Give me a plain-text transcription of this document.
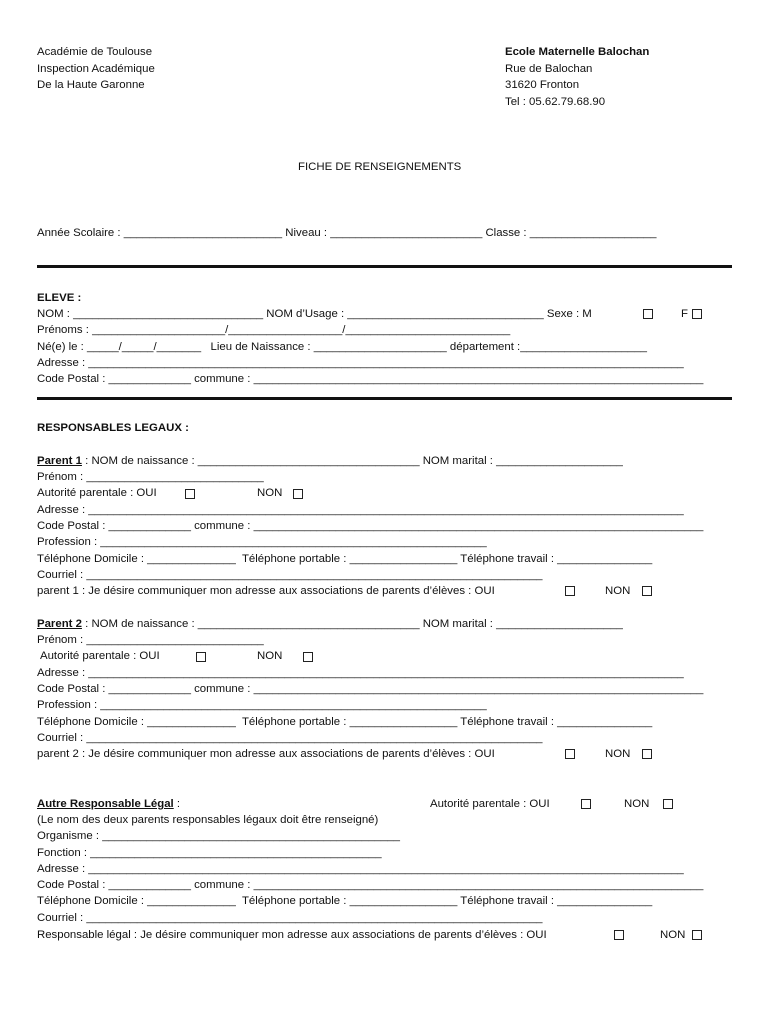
Académie de Toulouse
Inspection Académique
De la Haute Garonne
Ecole Maternelle Balochan
Rue de Balochan
31620 Fronton
Tel : 05.62.79.68.90
FICHE DE RENSEIGNEMENTS
Année Scolaire : _________________________ Niveau : ________________________ Classe : ____________________
ELEVE :
NOM : ______________________________ NOM d’Usage : _______________________________ Sexe : M	F
Prénoms : _____________________/__________________/__________________________
Né(e) le : _____/_____/_______   Lieu de Naissance : _____________________ département :____________________
Adresse : ______________________________________________________________________________________________
Code Postal : _____________ commune : _______________________________________________________________________
RESPONSABLES LEGAUX :
Parent 1 : NOM de naissance : ___________________________________ NOM marital : ____________________
Prénom : ____________________________
Autorité parentale : OUI	NON
Adresse : ______________________________________________________________________________________________
Code Postal : _____________ commune : _______________________________________________________________________
Profession : _____________________________________________________________
Téléphone Domicile : ______________  Téléphone portable : _________________ Téléphone travail : _______________
Courriel : ________________________________________________________________________
parent 1 : Je désire communiquer mon adresse aux associations de parents d’élèves : OUI	NON
Parent 2 : NOM de naissance : ___________________________________ NOM marital : ____________________
Prénom : ____________________________
Autorité parentale : OUI	NON
Adresse : ______________________________________________________________________________________________
Code Postal : _____________ commune : _______________________________________________________________________
Profession : _____________________________________________________________
Téléphone Domicile : ______________  Téléphone portable : _________________ Téléphone travail : _______________
Courriel : ________________________________________________________________________
parent 2 : Je désire communiquer mon adresse aux associations de parents d’élèves : OUI	NON
Autre Responsable Légal :	Autorité parentale : OUI	NON
(Le nom des deux parents responsables légaux doit être renseigné)
Organisme : _______________________________________________
Fonction : ______________________________________________
Adresse : ______________________________________________________________________________________________
Code Postal : _____________ commune : _______________________________________________________________________
Téléphone Domicile : ______________  Téléphone portable : _________________ Téléphone travail : _______________
Courriel : ________________________________________________________________________
Responsable légal : Je désire communiquer mon adresse aux associations de parents d’élèves : OUI	NON
